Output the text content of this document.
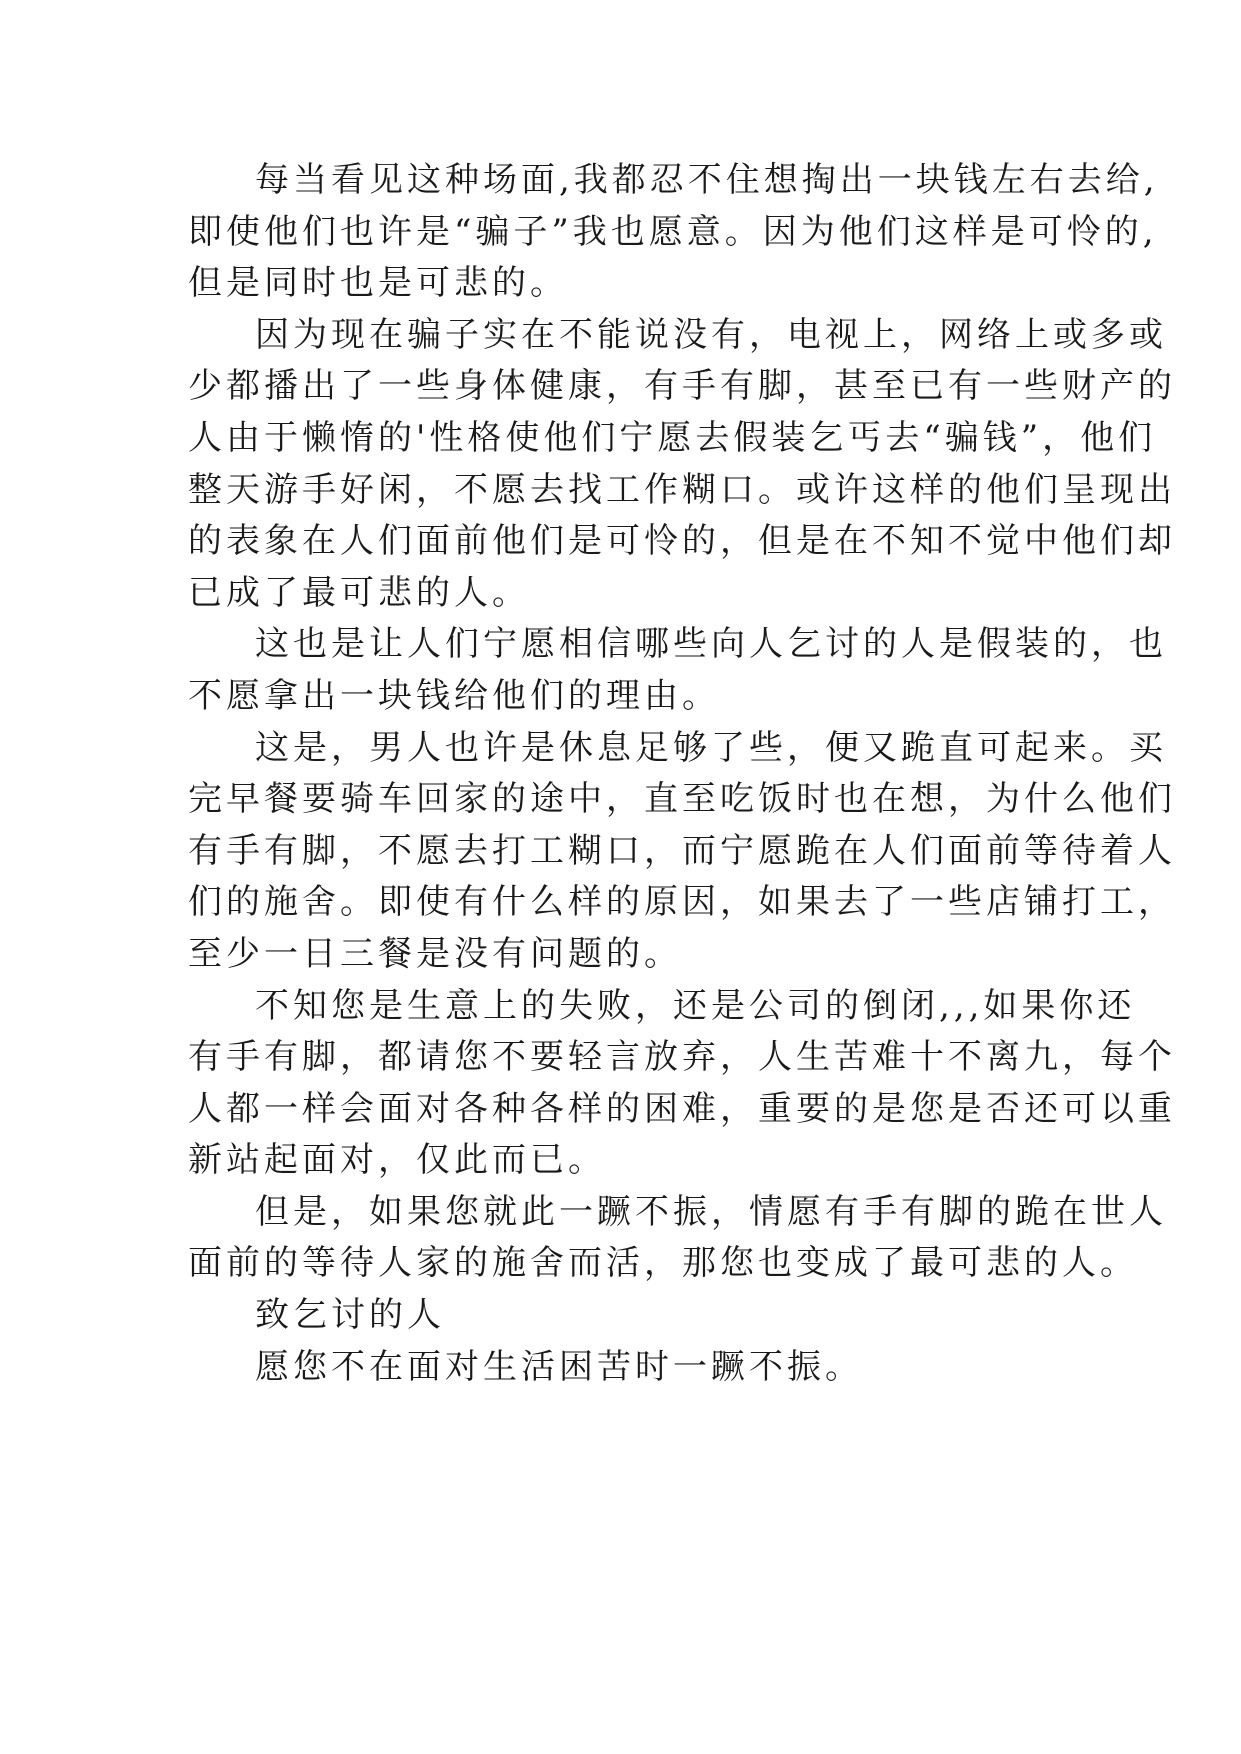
每当看见这种场面,我都忍不住想掏出一块钱左右去给,
即使他们也许是“骗子”我也愿意。因为他们这样是可怜的,
但是同时也是可悲的。
因为现在骗子实在不能说没有，电视上，网络上或多或
少都播出了一些身体健康，有手有脚，甚至已有一些财产的
人由于懒惰的'性格使他们宁愿去假装乞丐去“骗钱”，他们
整天游手好闲，不愿去找工作糊口。或许这样的他们呈现出
的表象在人们面前他们是可怜的，但是在不知不觉中他们却
已成了最可悲的人。
这也是让人们宁愿相信哪些向人乞讨的人是假装的，也
不愿拿出一块钱给他们的理由。
这是，男人也许是休息足够了些，便又跪直可起来。买
完早餐要骑车回家的途中，直至吃饭时也在想，为什么他们
有手有脚，不愿去打工糊口，而宁愿跪在人们面前等待着人
们的施舍。即使有什么样的原因，如果去了一些店铺打工，
至少一日三餐是没有问题的。
不知您是生意上的失败，还是公司的倒闭,,,如果你还
有手有脚，都请您不要轻言放弃，人生苦难十不离九，每个
人都一样会面对各种各样的困难，重要的是您是否还可以重
新站起面对，仅此而已。
但是，如果您就此一蹶不振，情愿有手有脚的跪在世人
面前的等待人家的施舍而活，那您也变成了最可悲的人。
致乞讨的人
愿您不在面对生活困苦时一蹶不振。
